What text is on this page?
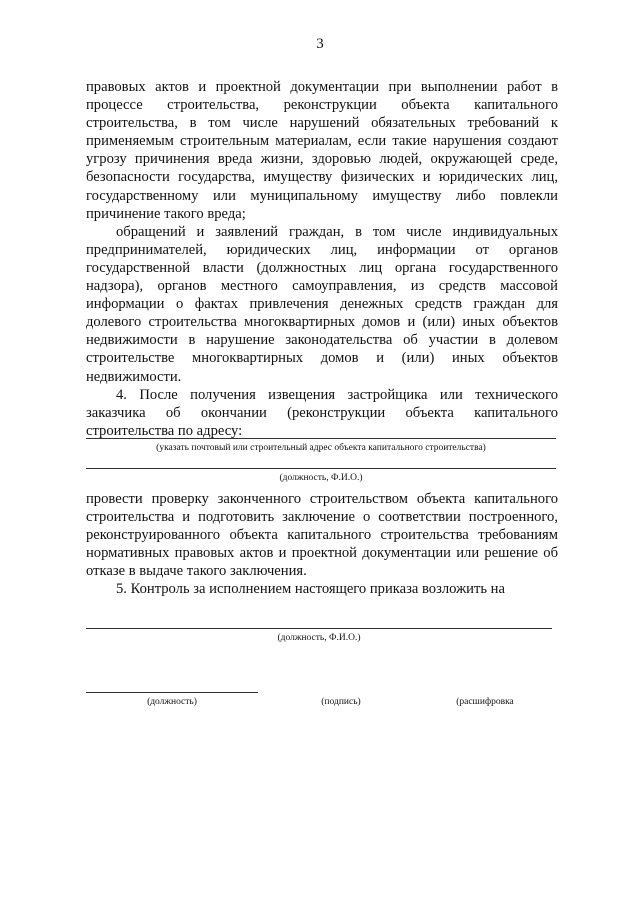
3

правовых актов и проектной документации при выполнении работ в процессе строительства, реконструкции объекта капитального строительства, в том числе нарушений обязательных требований к применяемым строительным материалам, если такие нарушения создают угрозу причинения вреда жизни, здоровью людей, окружающей среде, безопасности государства, имуществу физических и юридических лиц, государственному или муниципальному имуществу либо повлекли причинение такого вреда;

обращений и заявлений граждан, в том числе индивидуальных предпринимателей, юридических лиц, информации от органов государственной власти (должностных лиц органа государственного надзора), органов местного самоуправления, из средств массовой информации о фактах привлечения денежных средств граждан для долевого строительства многоквартирных домов и (или) иных объектов недвижимости в нарушение законодательства об участии в долевом строительстве многоквартирных домов и (или) иных объектов недвижимости.

4. После получения извещения застройщика или технического заказчика об окончании (реконструкции объекта капитального строительства по адресу:

(указать почтовый или строительный адрес объекта капитального строительства)
(должность, Ф.И.О.)

провести проверку законченного строительством объекта капитального строительства и подготовить заключение о соответствии построенного, реконструированного объекта капитального строительства требованиям нормативных правовых актов и проектной документации или решение об отказе в выдаче такого заключения.

5. Контроль за исполнением настоящего приказа возложить на

(должность, Ф.И.О.)
(должность)	(подпись)	(расшифровка
